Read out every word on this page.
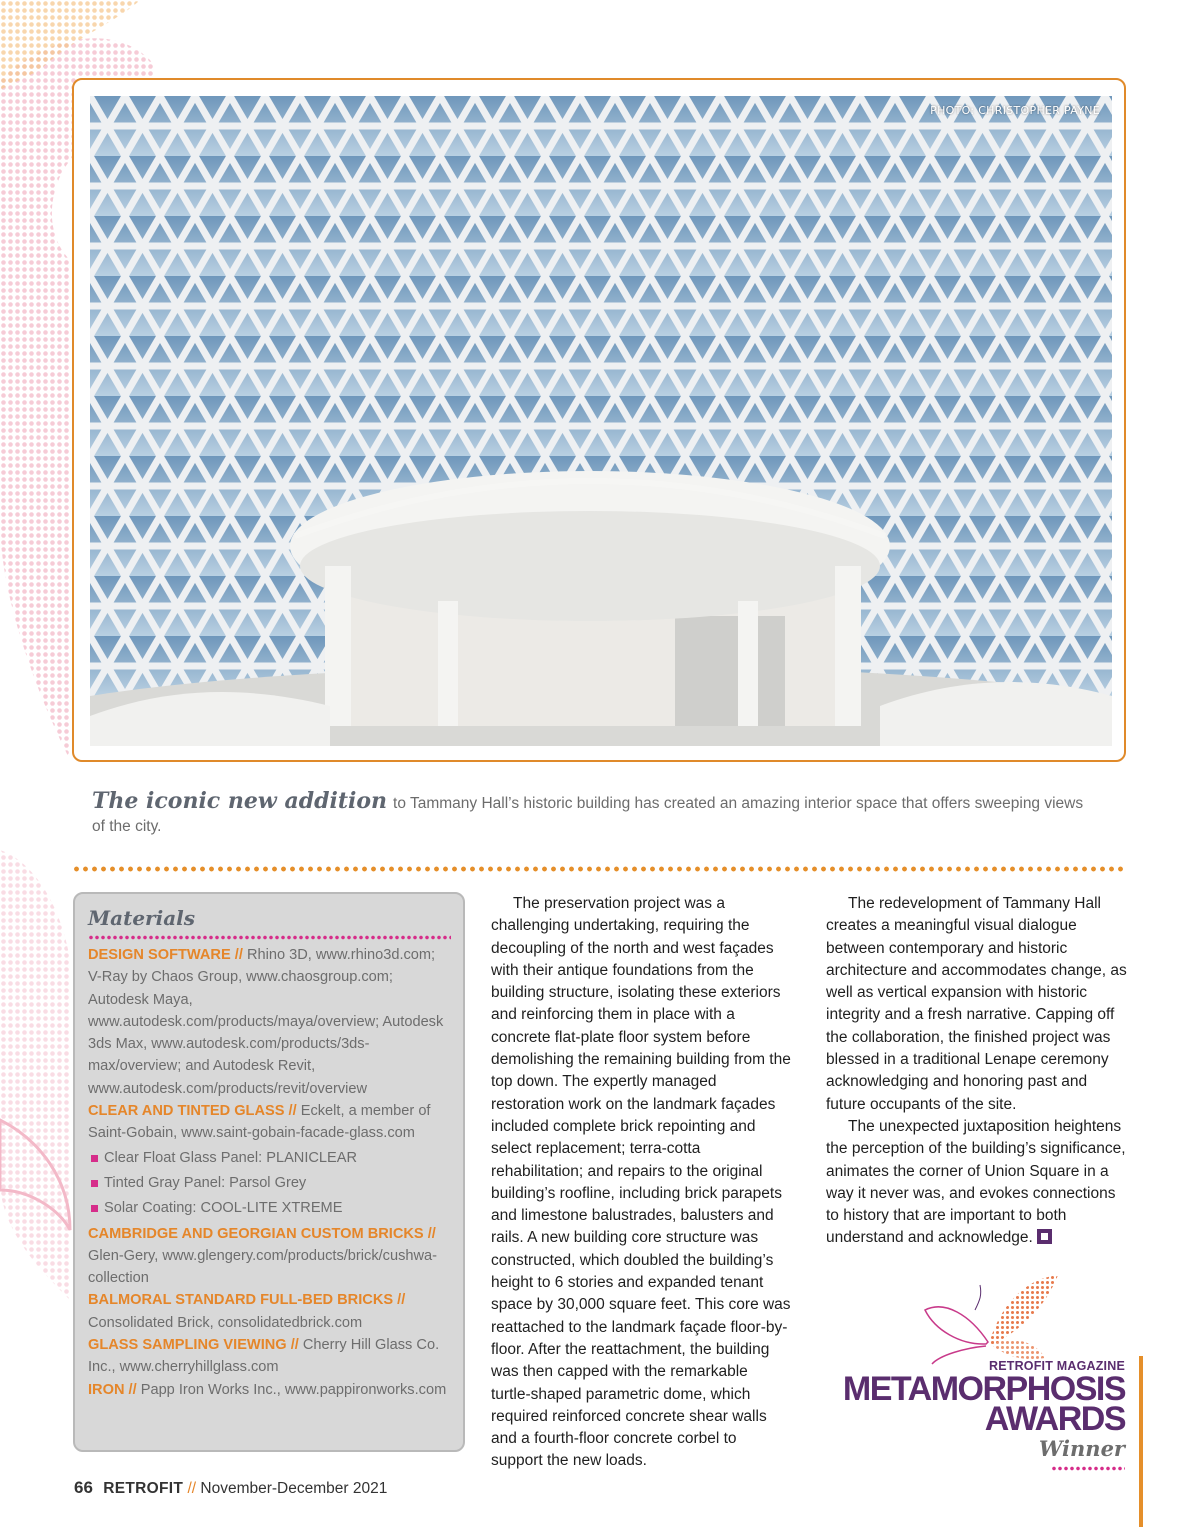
PHOTO: CHRISTOPHER PAYNE
The iconic new addition to Tammany Hall’s historic building has created an amazing interior space that offers sweeping views of the city.
Materials

DESIGN SOFTWARE // Rhino 3D, www.rhino3d.com; V-Ray by Chaos Group, www.chaosgroup.com; Autodesk Maya, www.autodesk.com/products/maya/overview; Autodesk 3ds Max, www.autodesk.com/products/3ds-max/overview; and Autodesk Revit, www.autodesk.com/products/revit/overview

CLEAR AND TINTED GLASS // Eckelt, a member of Saint-Gobain, www.saint-gobain-facade-glass.com

Clear Float Glass Panel: PLANICLEAR
Tinted Gray Panel: Parsol Grey
Solar Coating: COOL-LITE XTREME

CAMBRIDGE AND GEORGIAN CUSTOM BRICKS // Glen-Gery, www.glengery.com/products/brick/cushwa-collection

BALMORAL STANDARD FULL-BED BRICKS // Consolidated Brick, consolidatedbrick.com

GLASS SAMPLING VIEWING // Cherry Hill Glass Co. Inc., www.cherryhillglass.com

IRON // Papp Iron Works Inc., www.pappironworks.com

The preservation project was a challenging undertaking, requiring the decoupling of the north and west façades with their antique foundations from the building structure, isolating these exteriors and reinforcing them in place with a concrete flat-plate floor system before demolishing the remaining building from the top down. The expertly managed restoration work on the landmark façades included complete brick repointing and select replacement; terra-cotta rehabilitation; and repairs to the original building’s roofline, including brick parapets and limestone balustrades, balusters and rails. A new building core structure was constructed, which doubled the building’s height to 6 stories and expanded tenant space by 30,000 square feet. This core was reattached to the landmark façade floor-by-floor. After the reattachment, the building was then capped with the remarkable turtle-shaped parametric dome, which required reinforced concrete shear walls and a fourth-floor concrete corbel to support the new loads.

The redevelopment of Tammany Hall creates a meaningful visual dialogue between contemporary and historic architecture and accommodates change, as well as vertical expansion with historic integrity and a fresh narrative. Capping off the collaboration, the finished project was blessed in a traditional Lenape ceremony acknowledging and honoring past and future occupants of the site.

The unexpected juxtaposition heightens the perception of the building’s significance, animates the corner of Union Square in a way it never was, and evokes connections to history that are important to both understand and acknowledge.

RETROFIT MAGAZINE
METAMORPHOSIS
AWARDS
Winner
66 RETROFIT // November-December 2021
